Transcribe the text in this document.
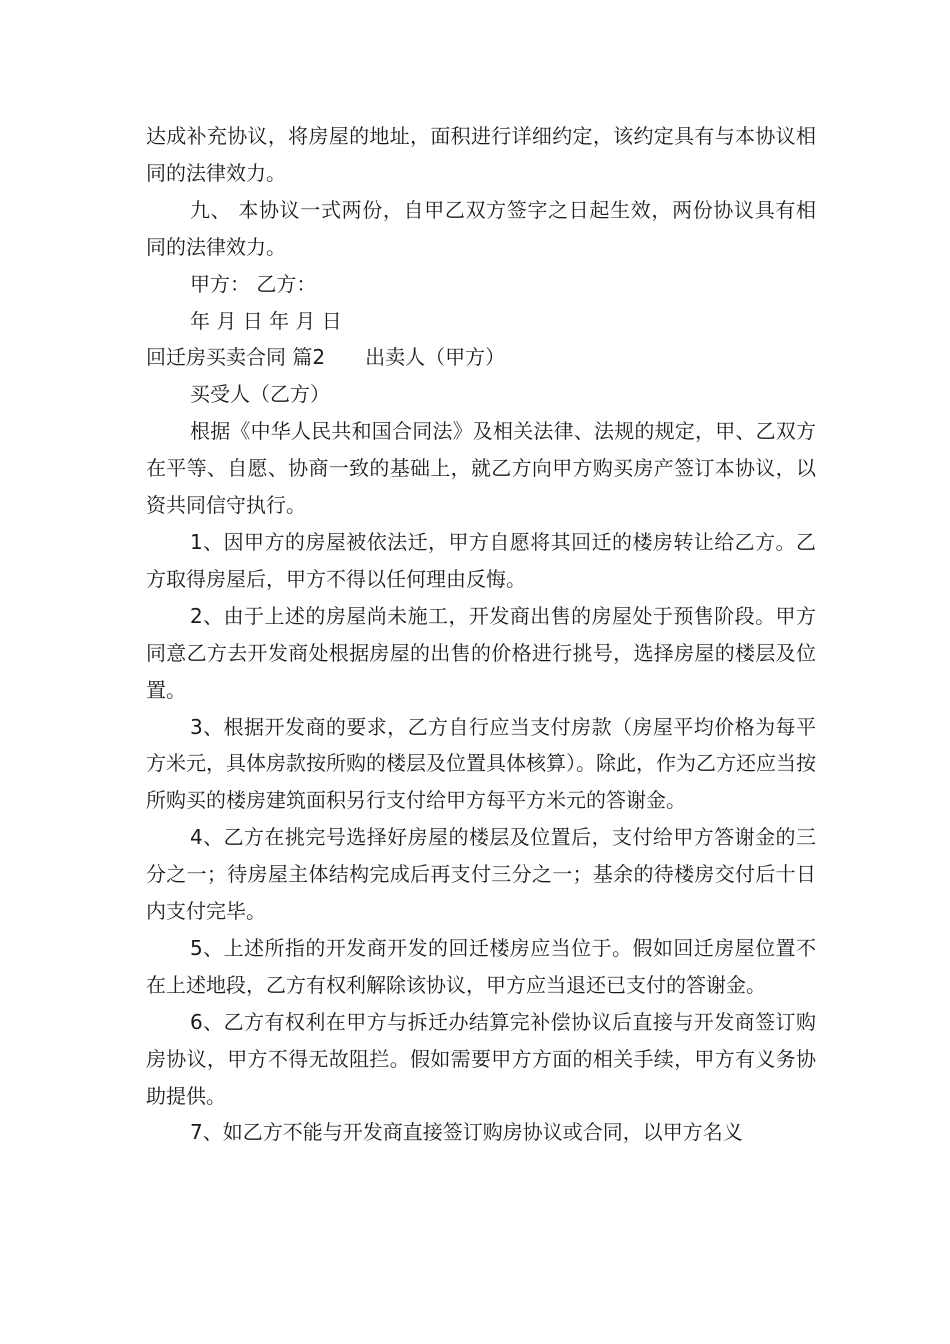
达成补充协议，将房屋的地址，面积进行详细约定，该约定具有与本协议相同的法律效力。

九、 本协议一式两份，自甲乙双方签字之日起生效，两份协议具有相同的法律效力。

甲方： 乙方：

年 月 日 年 月 日

回迁房买卖合同 篇2　　出卖人（甲方）

买受人（乙方）

根据《中华人民共和国合同法》及相关法律、法规的规定，甲、乙双方在平等、自愿、协商一致的基础上，就乙方向甲方购买房产签订本协议，以资共同信守执行。

1、因甲方的房屋被依法迁，甲方自愿将其回迁的楼房转让给乙方。乙方取得房屋后，甲方不得以任何理由反悔。

2、由于上述的房屋尚未施工，开发商出售的房屋处于预售阶段。甲方同意乙方去开发商处根据房屋的出售的价格进行挑号，选择房屋的楼层及位置。

3、根据开发商的要求，乙方自行应当支付房款（房屋平均价格为每平方米元，具体房款按所购的楼层及位置具体核算）。除此，作为乙方还应当按所购买的楼房建筑面积另行支付给甲方每平方米元的答谢金。

4、乙方在挑完号选择好房屋的楼层及位置后，支付给甲方答谢金的三分之一；待房屋主体结构完成后再支付三分之一；基余的待楼房交付后十日内支付完毕。

5、上述所指的开发商开发的回迁楼房应当位于。假如回迁房屋位置不在上述地段，乙方有权利解除该协议，甲方应当退还已支付的答谢金。

6、乙方有权利在甲方与拆迁办结算完补偿协议后直接与开发商签订购房协议，甲方不得无故阻拦。假如需要甲方方面的相关手续，甲方有义务协助提供。

7、如乙方不能与开发商直接签订购房协议或合同，以甲方名义
